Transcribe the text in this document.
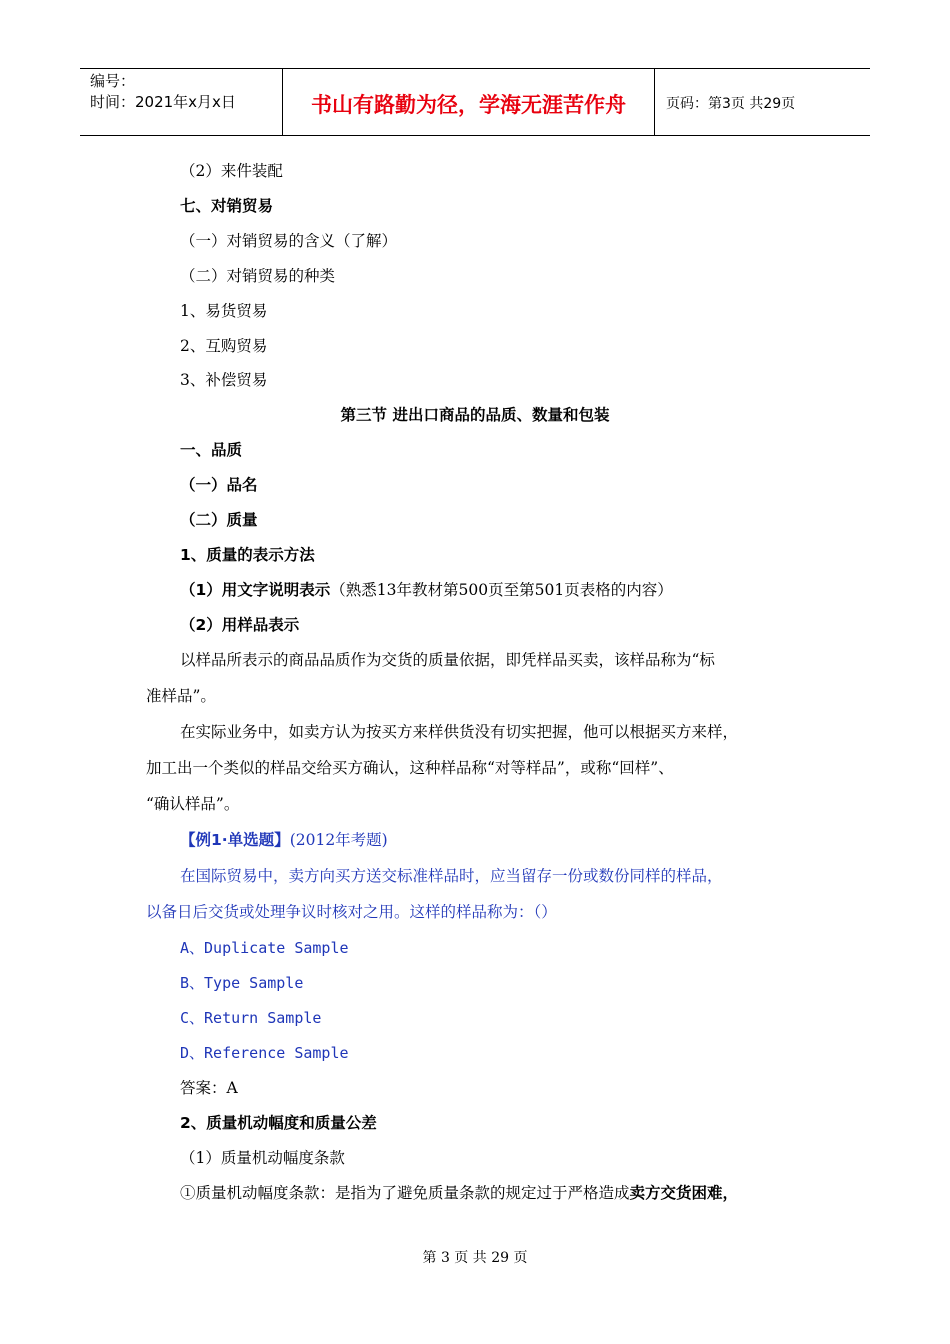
编号：
时间：2021年x月x日	书山有路勤为径，学海无涯苦作舟	页码：第3页 共29页
（2）来件装配
七、对销贸易
（一）对销贸易的含义（了解）
（二）对销贸易的种类
1、易货贸易
2、互购贸易
3、补偿贸易
第三节 进出口商品的品质、数量和包装
一、品质
（一）品名
（二）质量
1、质量的表示方法
（1）用文字说明表示（熟悉13年教材第500页至第501页表格的内容）
（2）用样品表示
以样品所表示的商品品质作为交货的质量依据，即凭样品买卖，该样品称为“标
准样品”。
在实际业务中，如卖方认为按买方来样供货没有切实把握，他可以根据买方来样，
加工出一个类似的样品交给买方确认，这种样品称“对等样品”，或称“回样”、
“确认样品”。
【例1·单选题】(2012年考题)
在国际贸易中，卖方向买方送交标准样品时，应当留存一份或数份同样的样品，
以备日后交货或处理争议时核对之用。这样的样品称为：（）
A、Duplicate Sample
B、Type Sample
C、Return Sample
D、Reference Sample
答案：A
2、质量机动幅度和质量公差
（1）质量机动幅度条款
①质量机动幅度条款：是指为了避免质量条款的规定过于严格造成卖方交货困难，
第 3 页 共 29 页
